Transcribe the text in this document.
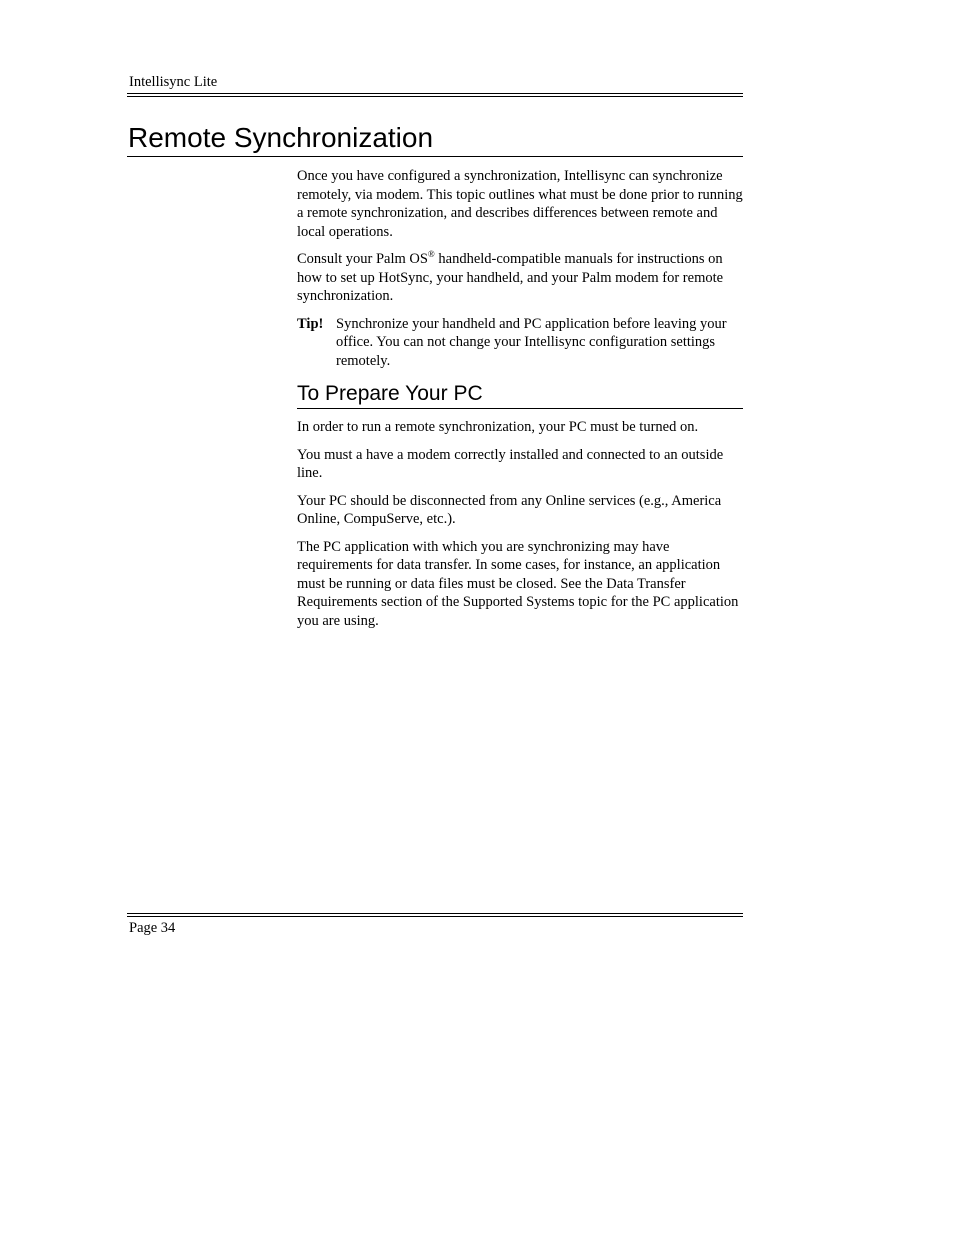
Intellisync Lite
Remote Synchronization

Once you have configured a synchronization, Intellisync can synchronize remotely, via modem. This topic outlines what must be done prior to running a remote synchronization, and describes differences between remote and local operations.

Consult your Palm OS® handheld-compatible manuals for instructions on how to set up HotSync, your handheld, and your Palm modem for remote synchronization.

Tip! Synchronize your handheld and PC application before leaving your office. You can not change your Intellisync configuration settings remotely.
To Prepare Your PC

In order to run a remote synchronization, your PC must be turned on.

You must a have a modem correctly installed and connected to an outside line.

Your PC should be disconnected from any Online services (e.g., America Online, CompuServe, etc.).

The PC application with which you are synchronizing may have requirements for data transfer. In some cases, for instance, an application must be running or data files must be closed. See the Data Transfer Requirements section of the Supported Systems topic for the PC application you are using.

Page 34
